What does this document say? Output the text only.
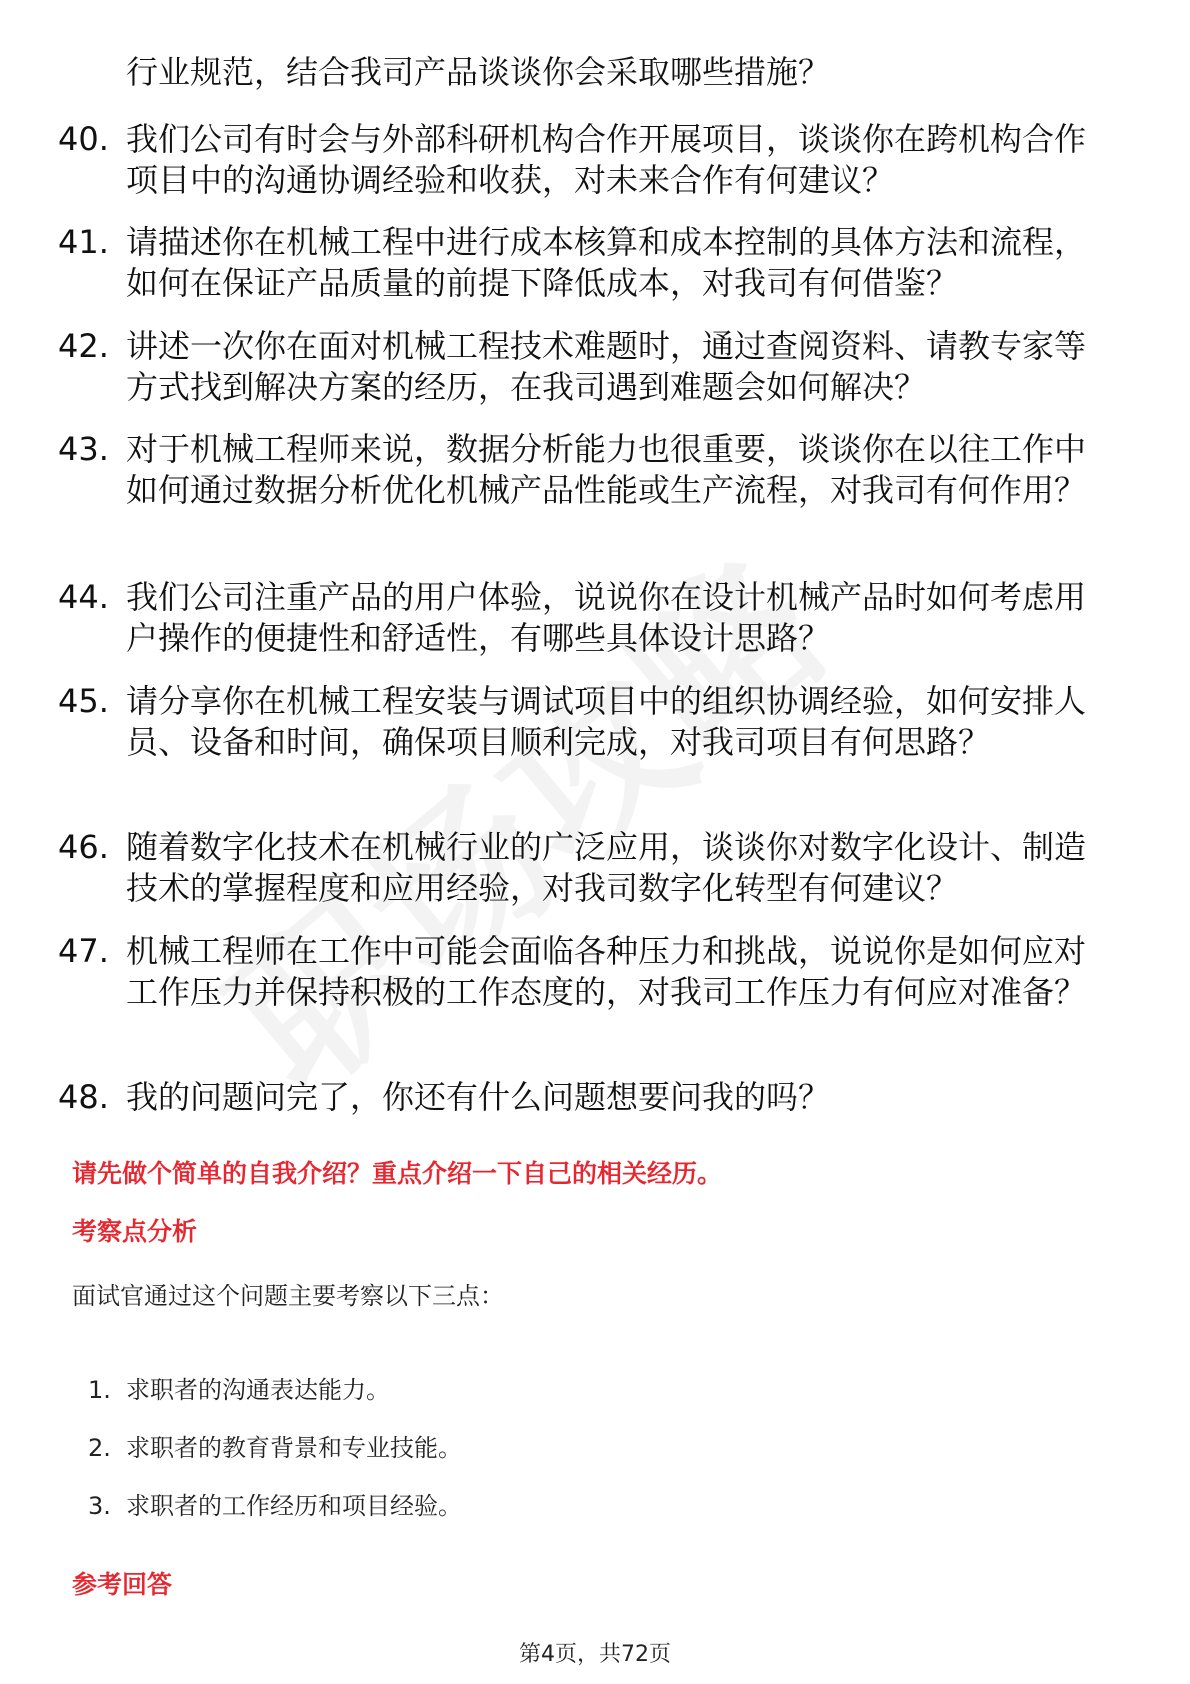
行业规范，结合我司产品谈谈你会采取哪些措施？
40. 我们公司有时会与外部科研机构合作开展项目，谈谈你在跨机构合作项目中的沟通协调经验和收获，对未来合作有何建议？
41. 请描述你在机械工程中进行成本核算和成本控制的具体方法和流程，如何在保证产品质量的前提下降低成本，对我司有何借鉴？
42. 讲述一次你在面对机械工程技术难题时，通过查阅资料、请教专家等方式找到解决方案的经历，在我司遇到难题会如何解决？
43. 对于机械工程师来说，数据分析能力也很重要，谈谈你在以往工作中如何通过数据分析优化机械产品性能或生产流程，对我司有何作用？
44. 我们公司注重产品的用户体验，说说你在设计机械产品时如何考虑用户操作的便捷性和舒适性，有哪些具体设计思路？
45. 请分享你在机械工程安装与调试项目中的组织协调经验，如何安排人员、设备和时间，确保项目顺利完成，对我司项目有何思路？
46. 随着数字化技术在机械行业的广泛应用，谈谈你对数字化设计、制造技术的掌握程度和应用经验，对我司数字化转型有何建议？
47. 机械工程师在工作中可能会面临各种压力和挑战，说说你是如何应对工作压力并保持积极的工作态度的，对我司工作压力有何应对准备？
48. 我的问题问完了，你还有什么问题想要问我的吗？
请先做个简单的自我介绍？重点介绍一下自己的相关经历。
考察点分析
面试官通过这个问题主要考察以下三点：
1. 求职者的沟通表达能力。
2. 求职者的教育背景和专业技能。
3. 求职者的工作经历和项目经验。
参考回答
第4页，共72页
